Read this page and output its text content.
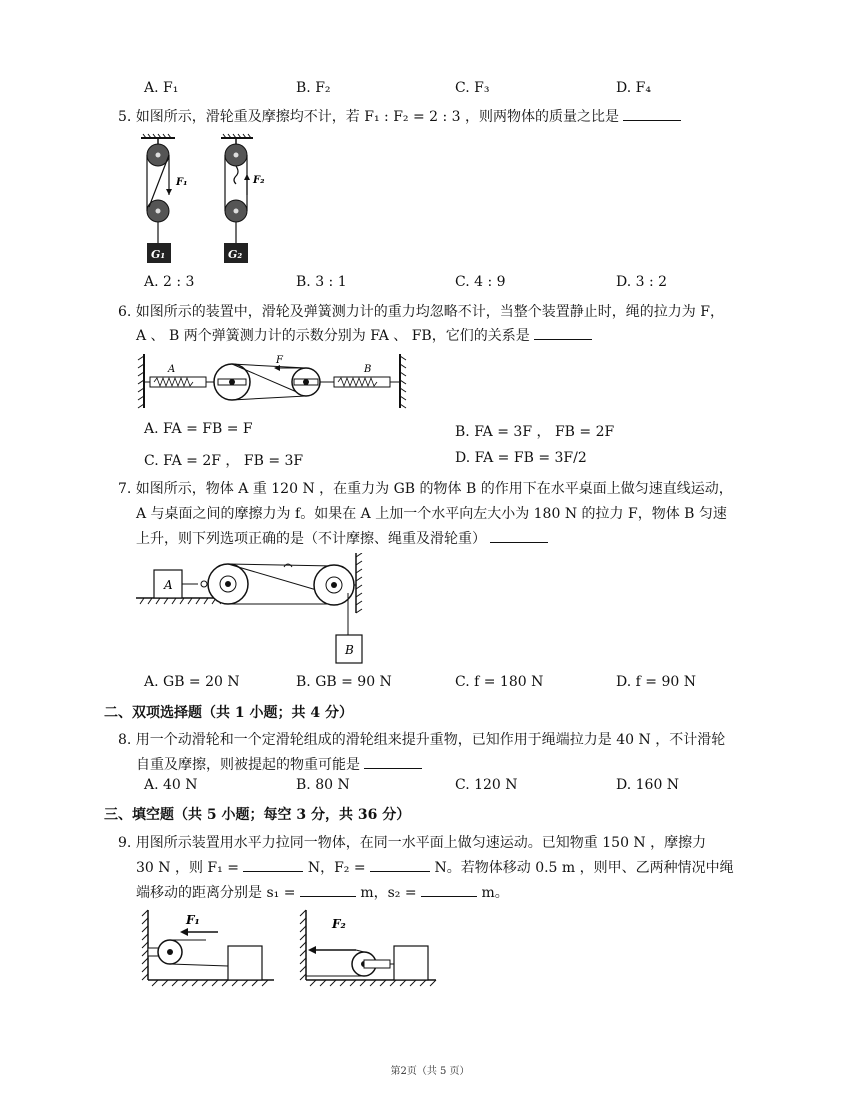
A. F₁	B. F₂	C. F₃	D. F₄
5. 如图所示，滑轮重及摩擦均不计，若 F₁ : F₂ = 2 : 3 ，则两物体的质量之比是
F₁
G₁
F₂
G₂
A. 2 : 3	B. 3 : 1	C. 4 : 9	D. 3 : 2
6. 如图所示的装置中，滑轮及弹簧测力计的重力均忽略不计，当整个装置静止时，绳的拉力为 F，
A 、 B 两个弹簧测力计的示数分别为 FA 、 FB，它们的关系是
A
F
B
A. FA = FB = F	B. FA = 3F ， FB = 2F
C. FA = 2F ， FB = 3F	D. FA = FB = 3F/2
7. 如图所示，物体 A 重 120 N ，在重力为 GB 的物体 B 的作用下在水平桌面上做匀速直线运动，
A 与桌面之间的摩擦力为 f。如果在 A 上加一个水平向左大小为 180 N 的拉力 F，物体 B 匀速
上升，则下列选项正确的是（不计摩擦、绳重及滑轮重）
A
B
A. GB = 20 N	B. GB = 90 N	C. f = 180 N	D. f = 90 N
二、双项选择题（共 1 小题；共 4 分）
8. 用一个动滑轮和一个定滑轮组成的滑轮组来提升重物，已知作用于绳端拉力是 40 N ，不计滑轮
自重及摩擦，则被提起的物重可能是
A. 40 N	B. 80 N	C. 120 N	D. 160 N
三、填空题（共 5 小题；每空 3 分，共 36 分）
9. 用图所示装置用水平力拉同一物体，在同一水平面上做匀速运动。已知物重 150 N ，摩擦力
30 N ，则 F₁ =	N，F₂ =	N。若物体移动 0.5 m ，则甲、乙两种情况中绳
端移动的距离分别是 s₁ =	m，s₂ =	m。
F₁	F₂
第2页（共 5 页）
